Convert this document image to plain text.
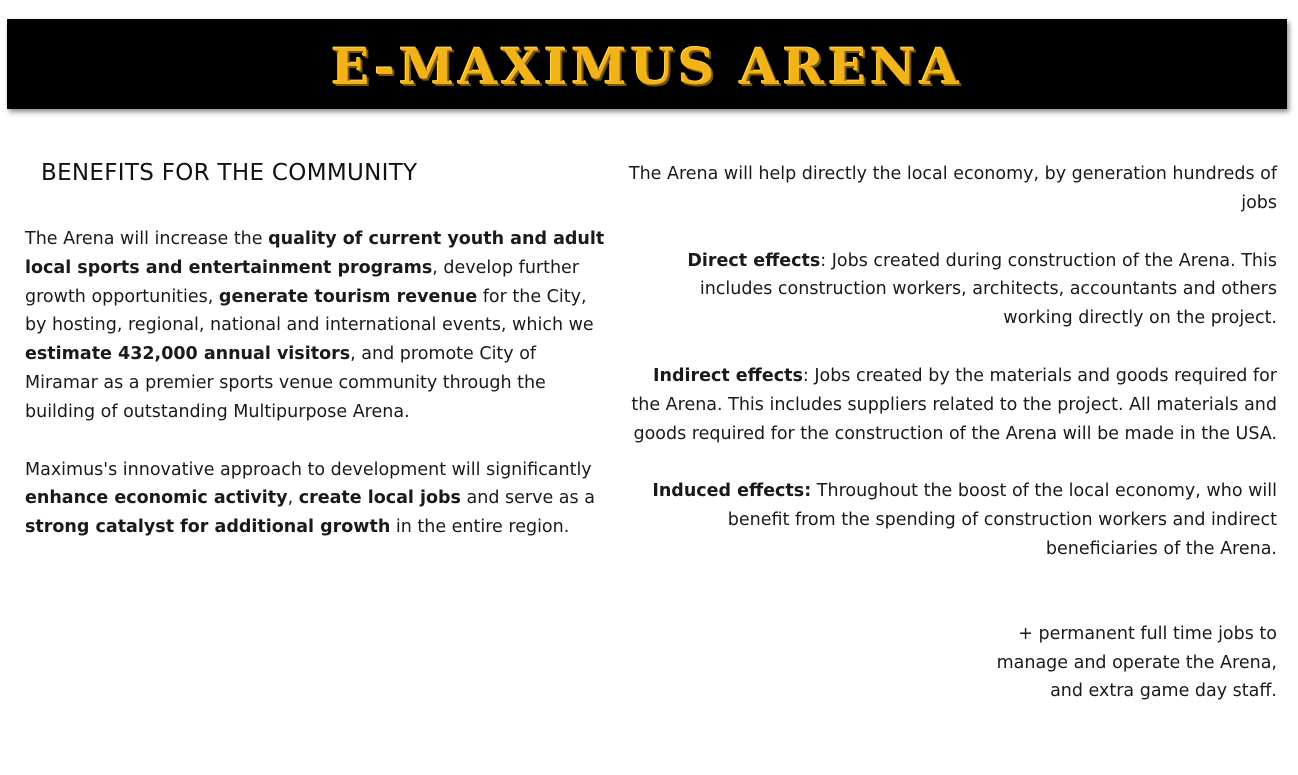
E-MAXIMUS ARENA
BENEFITS FOR THE COMMUNITY

The Arena will increase the quality of current youth and adult local sports and entertainment programs, develop further growth opportunities, generate tourism revenue for the City, by hosting, regional, national and international events, which we estimate 432,000 annual visitors, and promote City of Miramar as a premier sports venue community through the building of outstanding Multipurpose Arena.

Maximus's innovative approach to development will significantly enhance economic activity, create local jobs and serve as a strong catalyst for additional growth in the entire region.

The Arena will help directly the local economy, by generation hundreds of jobs

Direct effects: Jobs created during construction of the Arena. This includes construction workers, architects, accountants and others working directly on the project.

Indirect effects: Jobs created by the materials and goods required for the Arena. This includes suppliers related to the project. All materials and goods required for the construction of the Arena will be made in the USA.

Induced effects: Throughout the boost of the local economy, who will benefit from the spending of construction workers and indirect beneficiaries of the Arena.

+ permanent full time jobs to
manage and operate the Arena,
and extra game day staff.
